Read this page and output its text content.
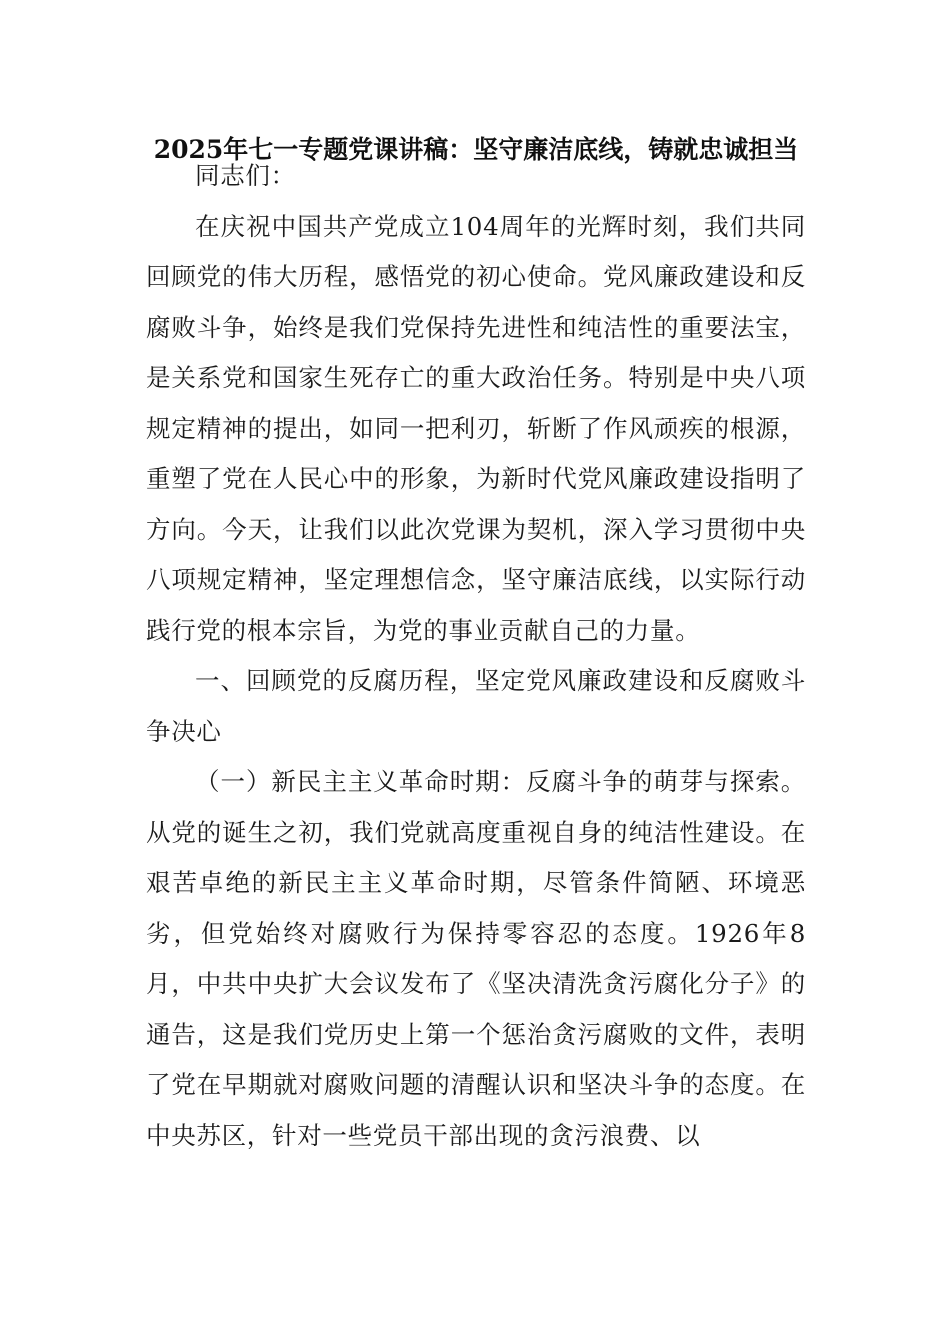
2025年七一专题党课讲稿：坚守廉洁底线，铸就忠诚担当

同志们：

在庆祝中国共产党成立104周年的光辉时刻，我们共同回顾党的伟大历程，感悟党的初心使命。党风廉政建设和反腐败斗争，始终是我们党保持先进性和纯洁性的重要法宝，是关系党和国家生死存亡的重大政治任务。特别是中央八项规定精神的提出，如同一把利刃，斩断了作风顽疾的根源，重塑了党在人民心中的形象，为新时代党风廉政建设指明了方向。今天，让我们以此次党课为契机，深入学习贯彻中央八项规定精神，坚定理想信念，坚守廉洁底线，以实际行动践行党的根本宗旨，为党的事业贡献自己的力量。

一、回顾党的反腐历程，坚定党风廉政建设和反腐败斗争决心

（一）新民主主义革命时期：反腐斗争的萌芽与探索。从党的诞生之初，我们党就高度重视自身的纯洁性建设。在艰苦卓绝的新民主主义革命时期，尽管条件简陋、环境恶劣，但党始终对腐败行为保持零容忍的态度。1926年8月，中共中央扩大会议发布了《坚决清洗贪污腐化分子》的通告，这是我们党历史上第一个惩治贪污腐败的文件，表明了党在早期就对腐败问题的清醒认识和坚决斗争的态度。在中央苏区，针对一些党员干部出现的贪污浪费、以
